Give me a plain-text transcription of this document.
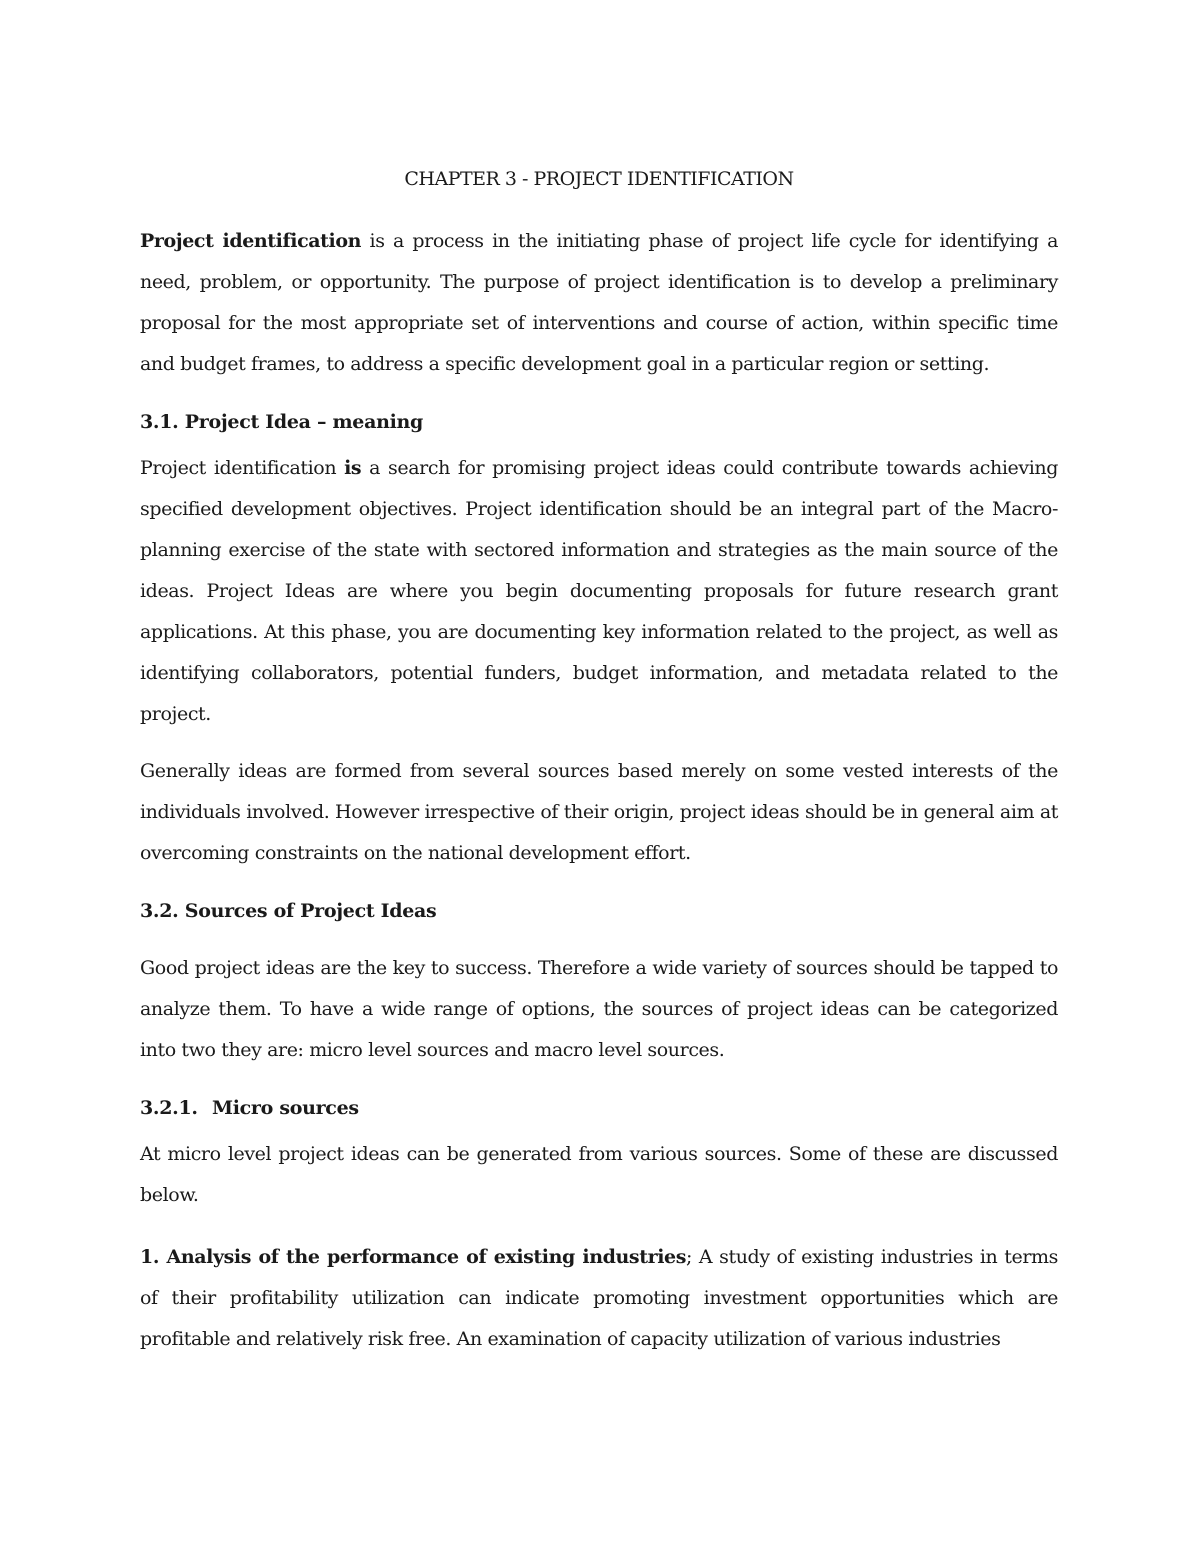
CHAPTER 3 - PROJECT IDENTIFICATION

Project identification is a process in the initiating phase of project life cycle for identifying a need, problem, or opportunity. The purpose of project identification is to develop a preliminary proposal for the most appropriate set of interventions and course of action, within specific time and budget frames, to address a specific development goal in a particular region or setting.

3.1. Project Idea – meaning

Project identification is a search for promising project ideas could contribute towards achieving specified development objectives. Project identification should be an integral part of the Macro-planning exercise of the state with sectored information and strategies as the main source of the ideas. Project Ideas are where you begin documenting proposals for future research grant applications. At this phase, you are documenting key information related to the project, as well as identifying collaborators, potential funders, budget information, and metadata related to the project.

Generally ideas are formed from several sources based merely on some vested interests of the individuals involved. However irrespective of their origin, project ideas should be in general aim at overcoming constraints on the national development effort.

3.2. Sources of Project Ideas

Good project ideas are the key to success. Therefore a wide variety of sources should be tapped to analyze them. To have a wide range of options, the sources of project ideas can be categorized into two they are: micro level sources and macro level sources.

3.2.1. Micro sources

At micro level project ideas can be generated from various sources. Some of these are discussed below.

1. Analysis of the performance of existing industries; A study of existing industries in terms of their profitability utilization can indicate promoting investment opportunities which are profitable and relatively risk free. An examination of capacity utilization of various industries
